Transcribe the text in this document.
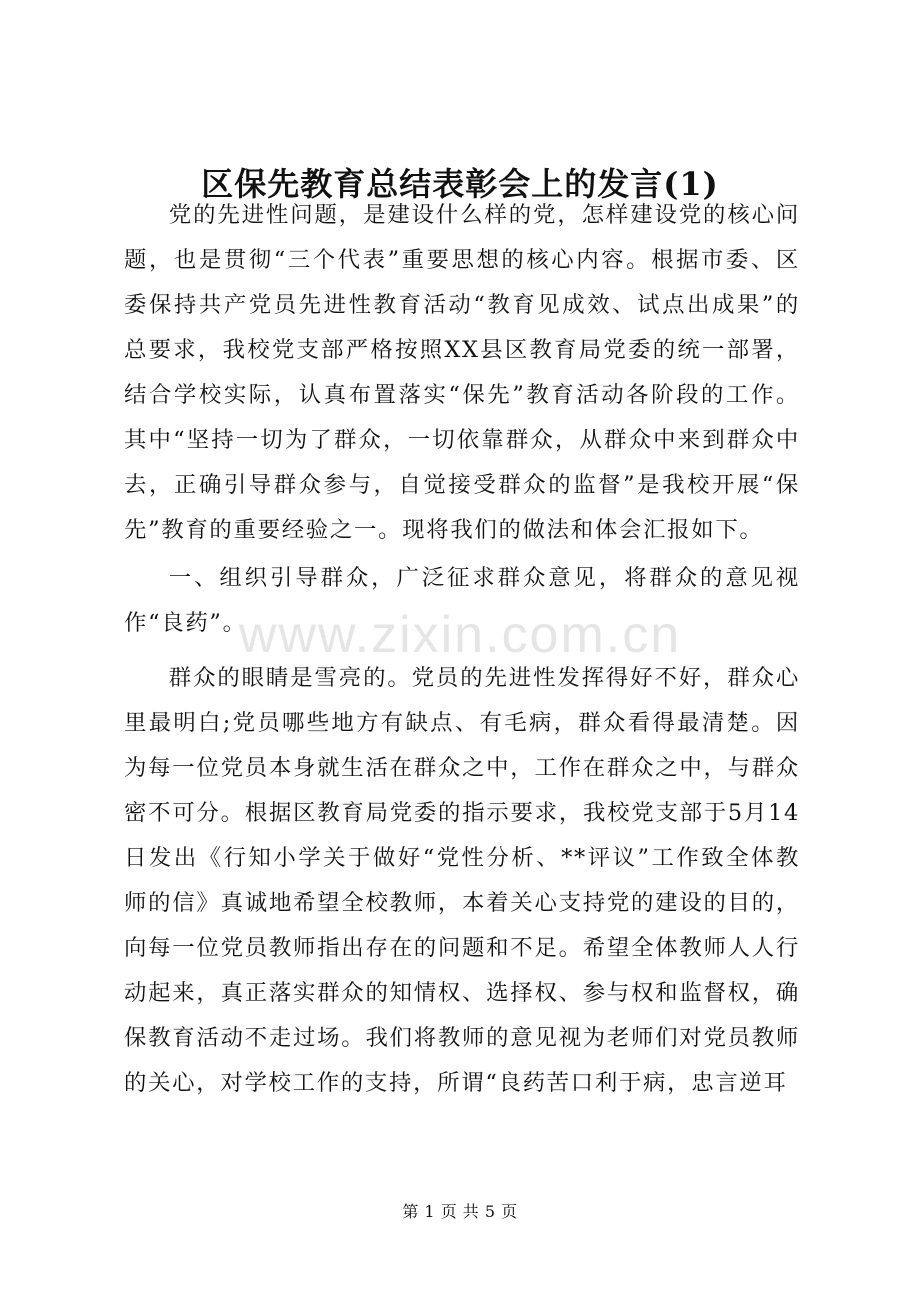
区保先教育总结表彰会上的发言(1)

党的先进性问题，是建设什么样的党，怎样建设党的核心问题，也是贯彻“三个代表”重要思想的核心内容。根据市委、区委保持共产党员先进性教育活动“教育见成效、试点出成果”的总要求，我校党支部严格按照XX县区教育局党委的统一部署，结合学校实际，认真布置落实“保先”教育活动各阶段的工作。其中“坚持一切为了群众，一切依靠群众，从群众中来到群众中去，正确引导群众参与，自觉接受群众的监督”是我校开展“保先”教育的重要经验之一。现将我们的做法和体会汇报如下。

一、组织引导群众，广泛征求群众意见，将群众的意见视作“良药”。

群众的眼睛是雪亮的。党员的先进性发挥得好不好，群众心里最明白;党员哪些地方有缺点、有毛病，群众看得最清楚。因为每一位党员本身就生活在群众之中，工作在群众之中，与群众密不可分。根据区教育局党委的指示要求，我校党支部于5月14日发出《行知小学关于做好“党性分析、**评议”工作致全体教师的信》真诚地希望全校教师，本着关心支持党的建设的目的，向每一位党员教师指出存在的问题和不足。希望全体教师人人行动起来，真正落实群众的知情权、选择权、参与权和监督权，确保教育活动不走过场。我们将教师的意见视为老师们对党员教师的关心，对学校工作的支持，所谓“良药苦口利于病，忠言逆耳

www.zixin.com.cn
第 1 页 共 5 页
